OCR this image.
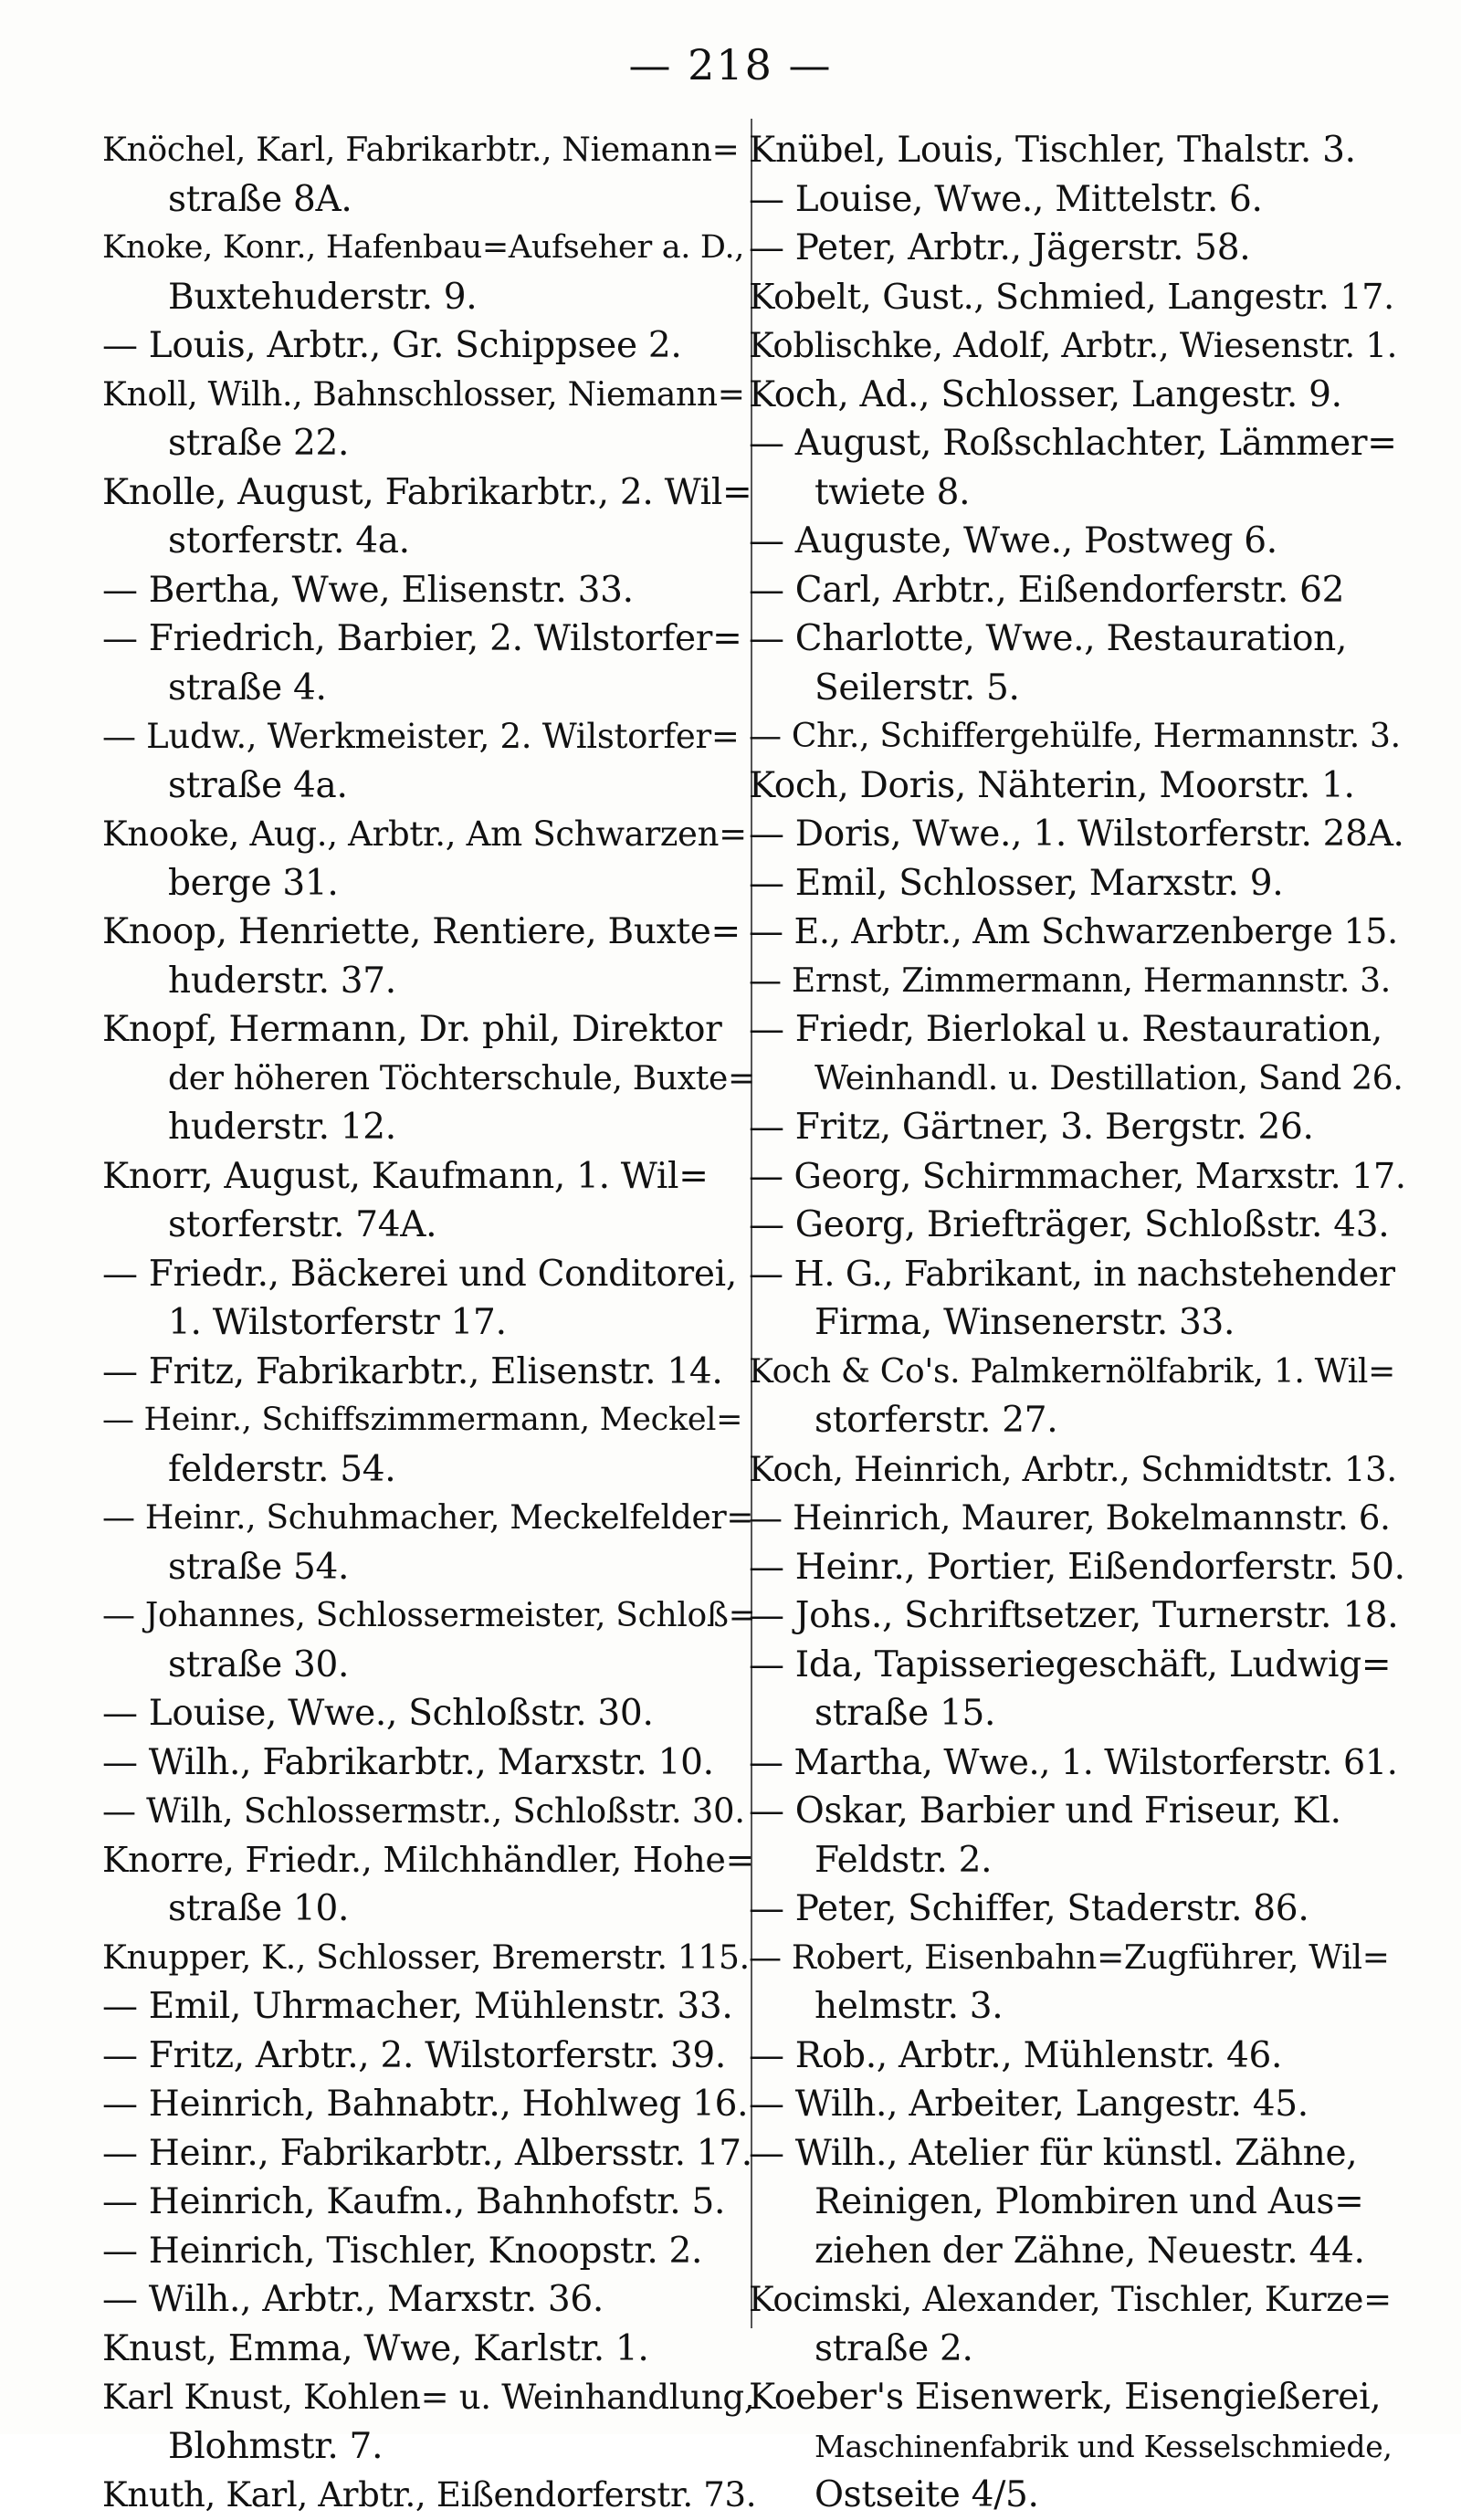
— 218 —
Knöchel, Karl, Fabrikarbtr., Niemann=
straße 8A.
Knoke, Konr., Hafenbau=Aufseher a. D.,
Buxtehuderstr. 9.
— Louis, Arbtr., Gr. Schippsee 2.
Knoll, Wilh., Bahnschlosser, Niemann=
straße 22.
Knolle, August, Fabrikarbtr., 2. Wil=
storferstr. 4a.
— Bertha, Wwe, Elisenstr. 33.
— Friedrich, Barbier, 2. Wilstorfer=
straße 4.
— Ludw., Werkmeister, 2. Wilstorfer=
straße 4a.
Knooke, Aug., Arbtr., Am Schwarzen=
berge 31.
Knoop, Henriette, Rentiere, Buxte=
huderstr. 37.
Knopf, Hermann, Dr. phil, Direktor
der höheren Töchterschule, Buxte=
huderstr. 12.
Knorr, August, Kaufmann, 1. Wil=
storferstr. 74A.
— Friedr., Bäckerei und Conditorei,
1. Wilstorferstr 17.
— Fritz, Fabrikarbtr., Elisenstr. 14.
— Heinr., Schiffszimmermann, Meckel=
felderstr. 54.
— Heinr., Schuhmacher, Meckelfelder=
straße 54.
— Johannes, Schlossermeister, Schloß=
straße 30.
— Louise, Wwe., Schloßstr. 30.
— Wilh., Fabrikarbtr., Marxstr. 10.
— Wilh, Schlossermstr., Schloßstr. 30.
Knorre, Friedr., Milchhändler, Hohe=
straße 10.
Knupper, K., Schlosser, Bremerstr. 115.
— Emil, Uhrmacher, Mühlenstr. 33.
— Fritz, Arbtr., 2. Wilstorferstr. 39.
— Heinrich, Bahnabtr., Hohlweg 16.
— Heinr., Fabrikarbtr., Albersstr. 17.
— Heinrich, Kaufm., Bahnhofstr. 5.
— Heinrich, Tischler, Knoopstr. 2.
— Wilh., Arbtr., Marxstr. 36.
Knust, Emma, Wwe, Karlstr. 1.
Karl Knust, Kohlen= u. Weinhandlung,
Blohmstr. 7.
Knuth, Karl, Arbtr., Eißendorferstr. 73.
Knübel, Louis, Tischler, Thalstr. 3.
— Louise, Wwe., Mittelstr. 6.
— Peter, Arbtr., Jägerstr. 58.
Kobelt, Gust., Schmied, Langestr. 17.
Koblischke, Adolf, Arbtr., Wiesenstr. 1.
Koch, Ad., Schlosser, Langestr. 9.
— August, Roßschlachter, Lämmer=
twiete 8.
— Auguste, Wwe., Postweg 6.
— Carl, Arbtr., Eißendorferstr. 62
— Charlotte, Wwe., Restauration,
Seilerstr. 5.
— Chr., Schiffergehülfe, Hermannstr. 3.
Koch, Doris, Nähterin, Moorstr. 1.
— Doris, Wwe., 1. Wilstorferstr. 28A.
— Emil, Schlosser, Marxstr. 9.
— E., Arbtr., Am Schwarzenberge 15.
— Ernst, Zimmermann, Hermannstr. 3.
— Friedr, Bierlokal u. Restauration,
Weinhandl. u. Destillation, Sand 26.
— Fritz, Gärtner, 3. Bergstr. 26.
— Georg, Schirmmacher, Marxstr. 17.
— Georg, Briefträger, Schloßstr. 43.
— H. G., Fabrikant, in nachstehender
Firma, Winsenerstr. 33.
Koch & Co's. Palmkernölfabrik, 1. Wil=
storferstr. 27.
Koch, Heinrich, Arbtr., Schmidtstr. 13.
— Heinrich, Maurer, Bokelmannstr. 6.
— Heinr., Portier, Eißendorferstr. 50.
— Johs., Schriftsetzer, Turnerstr. 18.
— Ida, Tapisseriegeschäft, Ludwig=
straße 15.
— Martha, Wwe., 1. Wilstorferstr. 61.
— Oskar, Barbier und Friseur, Kl.
Feldstr. 2.
— Peter, Schiffer, Staderstr. 86.
— Robert, Eisenbahn=Zugführer, Wil=
helmstr. 3.
— Rob., Arbtr., Mühlenstr. 46.
— Wilh., Arbeiter, Langestr. 45.
— Wilh., Atelier für künstl. Zähne,
Reinigen, Plombiren und Aus=
ziehen der Zähne, Neuestr. 44.
Kocimski, Alexander, Tischler, Kurze=
straße 2.
Koeber's Eisenwerk, Eisengießerei,
Maschinenfabrik und Kesselschmiede,
Ostseite 4/5.
